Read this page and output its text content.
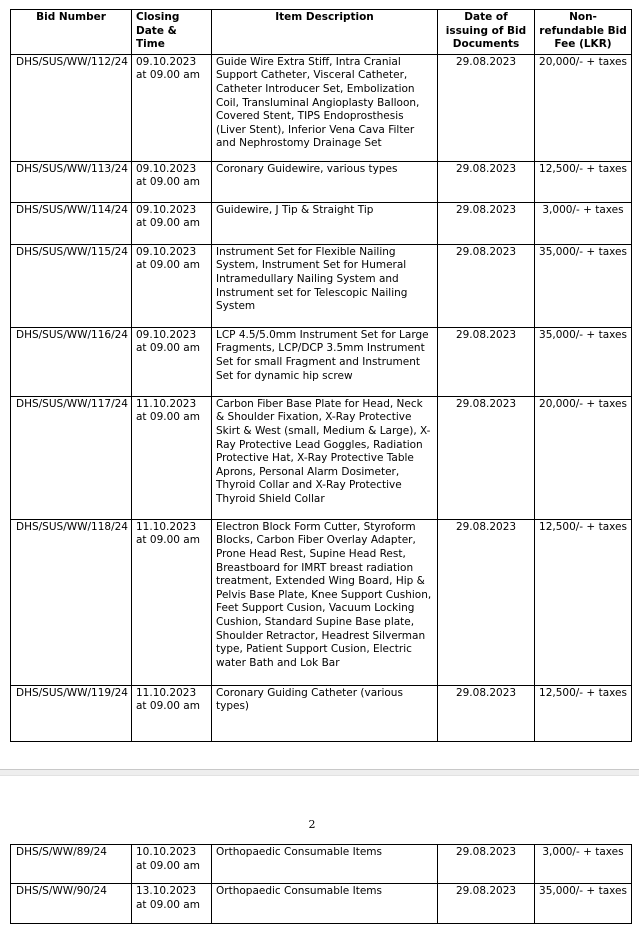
Bid Number	Closing Date & Time	Item Description	Date of issuing of Bid Documents	Non-refundable Bid Fee (LKR)
DHS/SUS/WW/112/24	09.10.2023 at 09.00 am	Guide Wire Extra Stiff, Intra Cranial Support Catheter, Visceral Catheter, Catheter Introducer Set, Embolization Coil, Transluminal Angioplasty Balloon, Covered Stent, TIPS Endoprosthesis (Liver Stent), Inferior Vena Cava Filter and Nephrostomy Drainage Set	29.08.2023	20,000/- + taxes
DHS/SUS/WW/113/24	09.10.2023 at 09.00 am	Coronary Guidewire, various types	29.08.2023	12,500/- + taxes
DHS/SUS/WW/114/24	09.10.2023 at 09.00 am	Guidewire, J Tip & Straight Tip	29.08.2023	3,000/- + taxes
DHS/SUS/WW/115/24	09.10.2023 at 09.00 am	Instrument Set for Flexible Nailing System, Instrument Set for Humeral Intramedullary Nailing System and Instrument set for Telescopic Nailing System	29.08.2023	35,000/- + taxes
DHS/SUS/WW/116/24	09.10.2023 at 09.00 am	LCP 4.5/5.0mm Instrument Set for Large Fragments, LCP/DCP 3.5mm Instrument Set for small Fragment and Instrument Set for dynamic hip screw	29.08.2023	35,000/- + taxes
DHS/SUS/WW/117/24	11.10.2023 at 09.00 am	Carbon Fiber Base Plate for Head, Neck & Shoulder Fixation, X-Ray Protective Skirt & West (small, Medium & Large), X-Ray Protective Lead Goggles, Radiation Protective Hat, X-Ray Protective Table Aprons, Personal Alarm Dosimeter, Thyroid Collar and X-Ray Protective Thyroid Shield Collar	29.08.2023	20,000/- + taxes
DHS/SUS/WW/118/24	11.10.2023 at 09.00 am	Electron Block Form Cutter, Styroform Blocks, Carbon Fiber Overlay Adapter, Prone Head Rest, Supine Head Rest, Breastboard for IMRT breast radiation treatment, Extended Wing Board, Hip & Pelvis Base Plate, Knee Support Cushion, Feet Support Cusion, Vacuum Locking Cushion, Standard Supine Base plate, Shoulder Retractor, Headrest Silverman type, Patient Support Cusion, Electric water Bath and Lok Bar	29.08.2023	12,500/- + taxes
DHS/SUS/WW/119/24	11.10.2023 at 09.00 am	Coronary Guiding Catheter (various types)	29.08.2023	12,500/- + taxes
2
DHS/S/WW/89/24	10.10.2023 at 09.00 am	Orthopaedic Consumable Items	29.08.2023	3,000/- + taxes
DHS/S/WW/90/24	13.10.2023 at 09.00 am	Orthopaedic Consumable Items	29.08.2023	35,000/- + taxes
